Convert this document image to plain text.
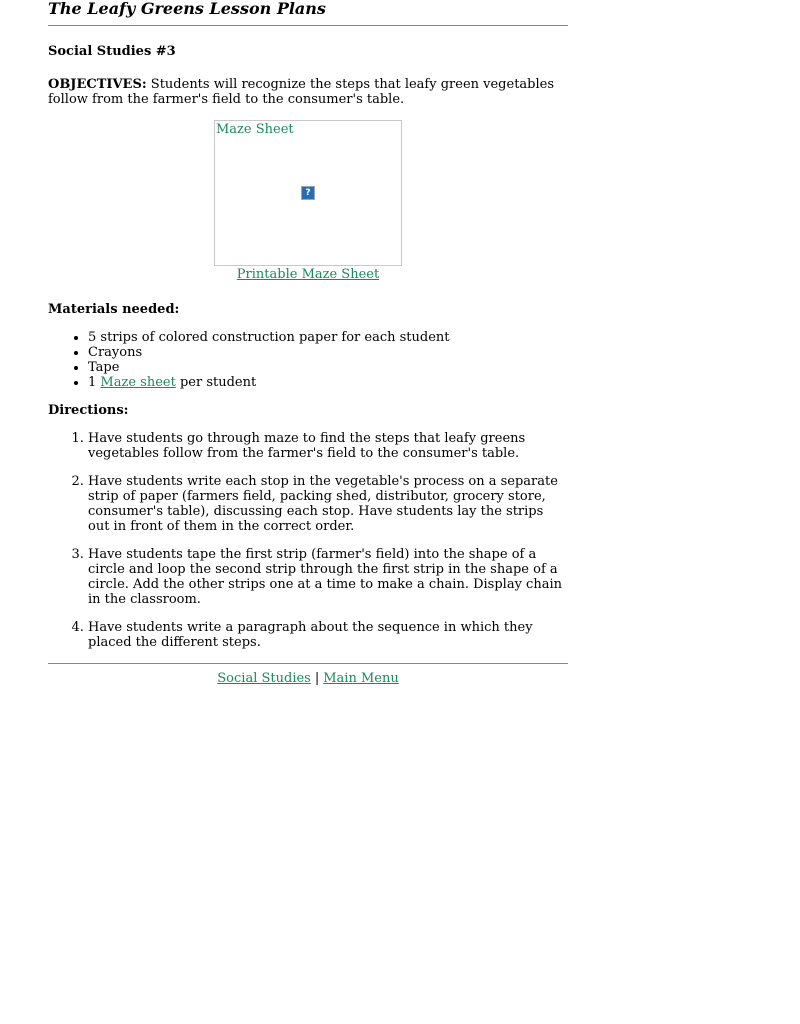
The Leafy Greens Lesson Plans
Social Studies #3

OBJECTIVES: Students will recognize the steps that leafy green vegetables follow from the farmer's field to the consumer's table.

Maze Sheet
?
Printable Maze Sheet
Materials needed:
• 5 strips of colored construction paper for each student
• Crayons
• Tape
• 1 Maze sheet per student
Directions:
1. Have students go through maze to find the steps that leafy greens vegetables follow from the farmer's field to the consumer's table.
2. Have students write each stop in the vegetable's process on a separate strip of paper (farmers field, packing shed, distributor, grocery store, consumer's table), discussing each stop. Have students lay the strips out in front of them in the correct order.
3. Have students tape the first strip (farmer's field) into the shape of a circle and loop the second strip through the first strip in the shape of a circle. Add the other strips one at a time to make a chain. Display chain in the classroom.
4. Have students write a paragraph about the sequence in which they placed the different steps.
Social Studies | Main Menu
